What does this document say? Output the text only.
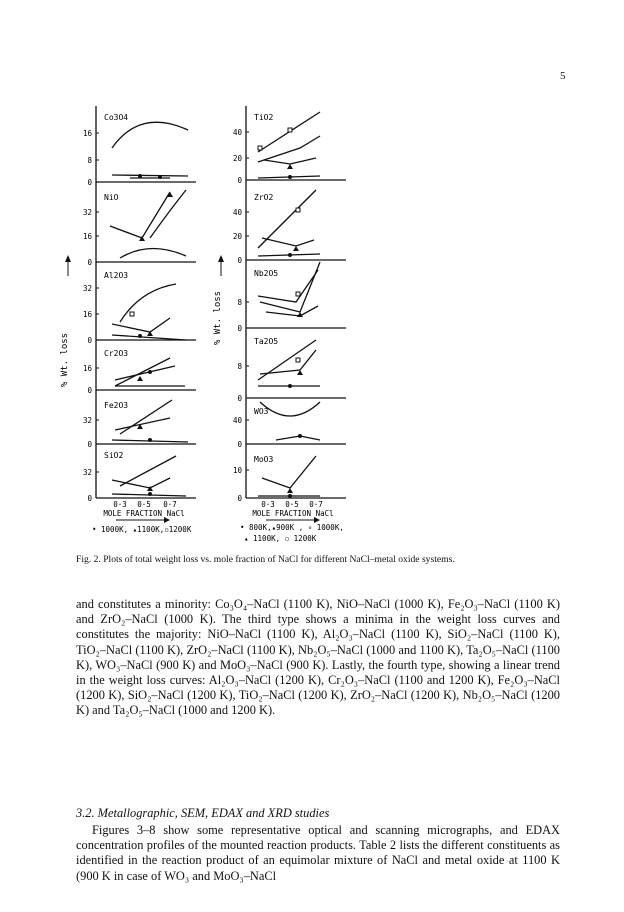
5
Co3O4
16
8
0
NiO
32
16
0
Al2O3
32
16
0
Cr2O3
16
0
Fe2O3
32
0
SiO2
32
0
TiO2
40
20
0
ZrO2
40
20
0
Nb2O5
8
0
Ta2O5
8
0
WO3
40
0
MoO3
10
0
% Wt. loss
% Wt. loss
0·3 0·5 0·7
MOLE FRACTION NaCl
0·3 0·5 0·7
MOLE FRACTION NaCl
• 1000K, ▴1100K,▫1200K	• 800K,▴900K , ∘ 1000K,
▴ 1100K, ▫ 1200K
Fig. 2. Plots of total weight loss vs. mole fraction of NaCl for different NaCl–metal oxide systems.

and constitutes a minority: Co₃O₄–NaCl (1100 K), NiO–NaCl (1000 K), Fe₂O₃–NaCl (1100 K) and ZrO₂–NaCl (1000 K). The third type shows a minima in the weight loss curves and constitutes the majority: NiO–NaCl (1100 K), Al₂O₃–NaCl (1100 K), SiO₂–NaCl (1100 K), TiO₂–NaCl (1100 K), ZrO₂–NaCl (1100 K), Nb₂O₅–NaCl (1000 and 1100 K), Ta₂O₅–NaCl (1100 K), WO₃–NaCl (900 K) and MoO₃–NaCl (900 K). Lastly, the fourth type, showing a linear trend in the weight loss curves: Al₂O₃–NaCl (1200 K), Cr₂O₃–NaCl (1100 and 1200 K), Fe₂O₃–NaCl (1200 K), SiO₂–NaCl (1200 K), TiO₂–NaCl (1200 K), ZrO₂–NaCl (1200 K), Nb₂O₅–NaCl (1200 K) and Ta₂O₅–NaCl (1000 and 1200 K).

3.2. Metallographic, SEM, EDAX and XRD studies

Figures 3–8 show some representative optical and scanning micrographs, and EDAX concentration profiles of the mounted reaction products. Table 2 lists the different constituents as identified in the reaction product of an equimolar mixture of NaCl and metal oxide at 1100 K (900 K in case of WO₃ and MoO₃–NaCl
